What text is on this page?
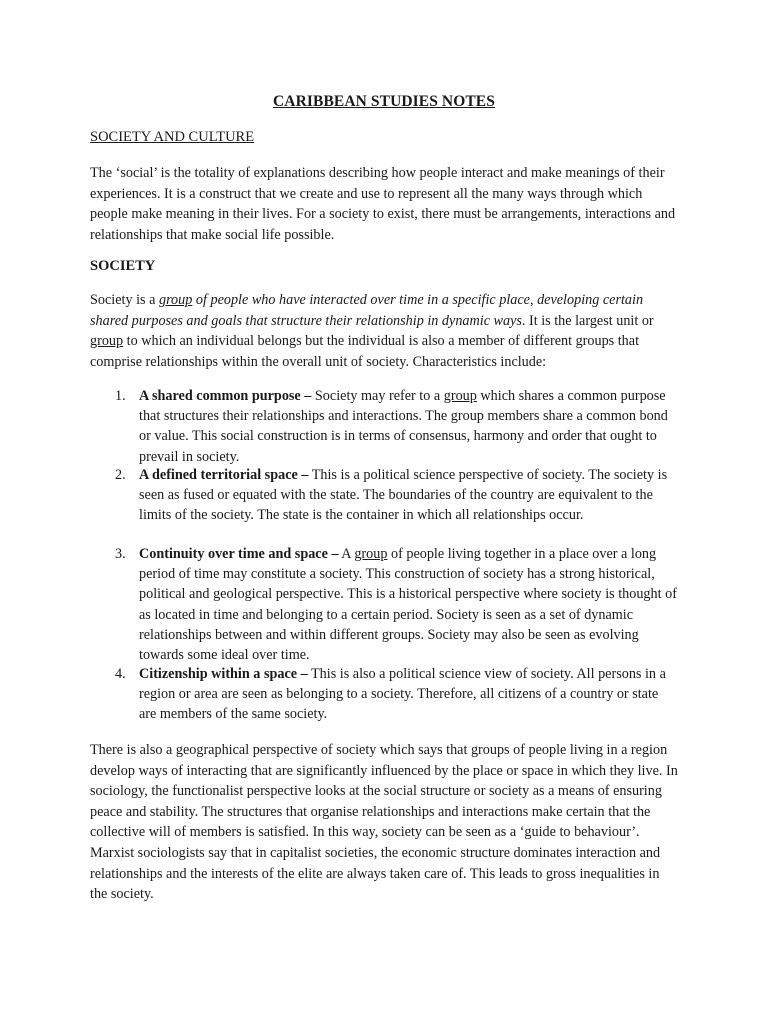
CARIBBEAN STUDIES NOTES
SOCIETY AND CULTURE

The ‘social’ is the totality of explanations describing how people interact and make meanings of their experiences. It is a construct that we create and use to represent all the many ways through which people make meaning in their lives. For a society to exist, there must be arrangements, interactions and relationships that make social life possible.

SOCIETY

Society is a group of people who have interacted over time in a specific place, developing certain shared purposes and goals that structure their relationship in dynamic ways. It is the largest unit or group to which an individual belongs but the individual is also a member of different groups that comprise relationships within the overall unit of society. Characteristics include:

1. A shared common purpose – Society may refer to a group which shares a common purpose that structures their relationships and interactions. The group members share a common bond or value. This social construction is in terms of consensus, harmony and order that ought to prevail in society.
2. A defined territorial space – This is a political science perspective of society. The society is seen as fused or equated with the state. The boundaries of the country are equivalent to the limits of the society. The state is the container in which all relationships occur.
3. Continuity over time and space – A group of people living together in a place over a long period of time may constitute a society. This construction of society has a strong historical, political and geological perspective. This is a historical perspective where society is thought of as located in time and belonging to a certain period. Society is seen as a set of dynamic relationships between and within different groups. Society may also be seen as evolving towards some ideal over time.
4. Citizenship within a space – This is also a political science view of society. All persons in a region or area are seen as belonging to a society. Therefore, all citizens of a country or state are members of the same society.

There is also a geographical perspective of society which says that groups of people living in a region develop ways of interacting that are significantly influenced by the place or space in which they live. In sociology, the functionalist perspective looks at the social structure or society as a means of ensuring peace and stability. The structures that organise relationships and interactions make certain that the collective will of members is satisfied. In this way, society can be seen as a ‘guide to behaviour’. Marxist sociologists say that in capitalist societies, the economic structure dominates interaction and relationships and the interests of the elite are always taken care of. This leads to gross inequalities in the society.
